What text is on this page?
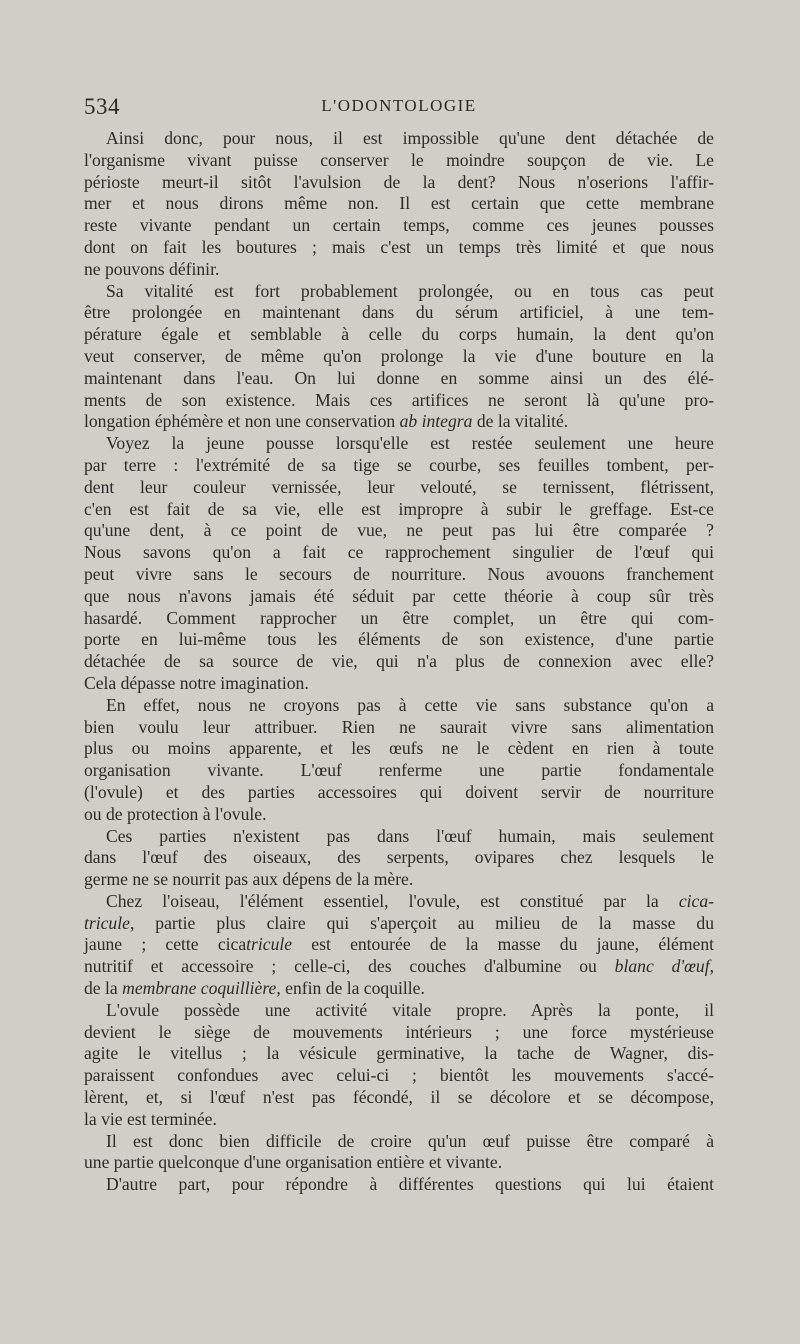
534	L'ODONTOLOGIE
Ainsi donc, pour nous, il est impossible qu'une dent détachée de
l'organisme vivant puisse conserver le moindre soupçon de vie. Le
périoste meurt-il sitôt l'avulsion de la dent? Nous n'oserions l'affir-
mer et nous dirons même non. Il est certain que cette membrane
reste vivante pendant un certain temps, comme ces jeunes pousses
dont on fait les boutures ; mais c'est un temps très limité et que nous
ne pouvons définir.
Sa vitalité est fort probablement prolongée, ou en tous cas peut
être prolongée en maintenant dans du sérum artificiel, à une tem-
pérature égale et semblable à celle du corps humain, la dent qu'on
veut conserver, de même qu'on prolonge la vie d'une bouture en la
maintenant dans l'eau. On lui donne en somme ainsi un des élé-
ments de son existence. Mais ces artifices ne seront là qu'une pro-
longation éphémère et non une conservation ab integra de la vitalité.
Voyez la jeune pousse lorsqu'elle est restée seulement une heure
par terre : l'extrémité de sa tige se courbe, ses feuilles tombent, per-
dent leur couleur vernissée, leur velouté, se ternissent, flétrissent,
c'en est fait de sa vie, elle est impropre à subir le greffage. Est-ce
qu'une dent, à ce point de vue, ne peut pas lui être comparée ?
Nous savons qu'on a fait ce rapprochement singulier de l'œuf qui
peut vivre sans le secours de nourriture. Nous avouons franchement
que nous n'avons jamais été séduit par cette théorie à coup sûr très
hasardé. Comment rapprocher un être complet, un être qui com-
porte en lui-même tous les éléments de son existence, d'une partie
détachée de sa source de vie, qui n'a plus de connexion avec elle?
Cela dépasse notre imagination.
En effet, nous ne croyons pas à cette vie sans substance qu'on a
bien voulu leur attribuer. Rien ne saurait vivre sans alimentation
plus ou moins apparente, et les œufs ne le cèdent en rien à toute
organisation vivante. L'œuf renferme une partie fondamentale
(l'ovule) et des parties accessoires qui doivent servir de nourriture
ou de protection à l'ovule.
Ces parties n'existent pas dans l'œuf humain, mais seulement
dans l'œuf des oiseaux, des serpents, ovipares chez lesquels le
germe ne se nourrit pas aux dépens de la mère.
Chez l'oiseau, l'élément essentiel, l'ovule, est constitué par la cica-
tricule, partie plus claire qui s'aperçoit au milieu de la masse du
jaune ; cette cicatricule est entourée de la masse du jaune, élément
nutritif et accessoire ; celle-ci, des couches d'albumine ou blanc d'œuf,
de la membrane coquillière, enfin de la coquille.
L'ovule possède une activité vitale propre. Après la ponte, il
devient le siège de mouvements intérieurs ; une force mystérieuse
agite le vitellus ; la vésicule germinative, la tache de Wagner, dis-
paraissent confondues avec celui-ci ; bientôt les mouvements s'accé-
lèrent, et, si l'œuf n'est pas fécondé, il se décolore et se décompose,
la vie est terminée.
Il est donc bien difficile de croire qu'un œuf puisse être comparé à
une partie quelconque d'une organisation entière et vivante.
D'autre part, pour répondre à différentes questions qui lui étaient
